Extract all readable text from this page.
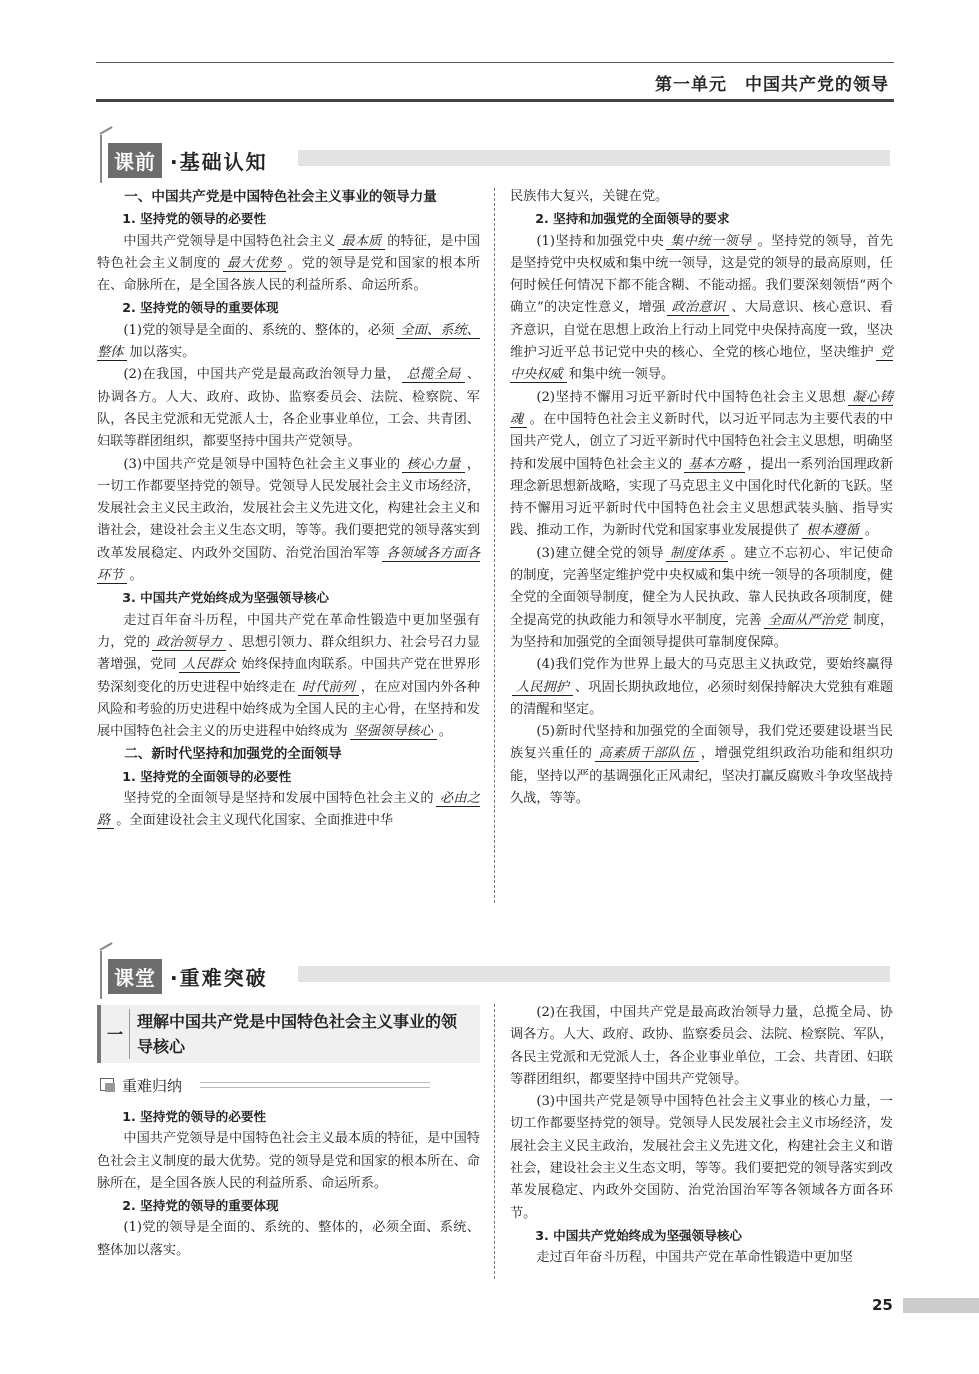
第一单元　中国共产党的领导
课前 ·基础认知

一、中国共产党是中国特色社会主义事业的领导力量

1. 坚持党的领导的必要性

中国共产党领导是中国特色社会主义 最本质 的特征，是中国特色社会主义制度的 最大优势 。党的领导是党和国家的根本所在、命脉所在，是全国各族人民的利益所系、命运所系。

2. 坚持党的领导的重要体现

(1)党的领导是全面的、系统的、整体的，必须 全面、系统、整体 加以落实。

(2)在我国，中国共产党是最高政治领导力量， 总揽全局 、协调各方。人大、政府、政协、监察委员会、法院、检察院、军队，各民主党派和无党派人士，各企业事业单位，工会、共青团、妇联等群团组织，都要坚持中国共产党领导。

(3)中国共产党是领导中国特色社会主义事业的 核心力量 ，一切工作都要坚持党的领导。党领导人民发展社会主义市场经济，发展社会主义民主政治，发展社会主义先进文化，构建社会主义和谐社会，建设社会主义生态文明，等等。我们要把党的领导落实到改革发展稳定、内政外交国防、治党治国治军等 各领域各方面各环节 。

3. 中国共产党始终成为坚强领导核心

走过百年奋斗历程，中国共产党在革命性锻造中更加坚强有力，党的 政治领导力 、思想引领力、群众组织力、社会号召力显著增强，党同 人民群众 始终保持血肉联系。中国共产党在世界形势深刻变化的历史进程中始终走在 时代前列 ，在应对国内外各种风险和考验的历史进程中始终成为全国人民的主心骨，在坚持和发展中国特色社会主义的历史进程中始终成为 坚强领导核心 。

二、新时代坚持和加强党的全面领导

1. 坚持党的全面领导的必要性

坚持党的全面领导是坚持和发展中国特色社会主义的 必由之路 。全面建设社会主义现代化国家、全面推进中华

民族伟大复兴，关键在党。

2. 坚持和加强党的全面领导的要求

(1)坚持和加强党中央 集中统一领导 。坚持党的领导，首先是坚持党中央权威和集中统一领导，这是党的领导的最高原则，任何时候任何情况下都不能含糊、不能动摇。我们要深刻领悟“两个确立”的决定性意义，增强 政治意识 、大局意识、核心意识、看齐意识，自觉在思想上政治上行动上同党中央保持高度一致，坚决维护习近平总书记党中央的核心、全党的核心地位，坚决维护 党中央权威 和集中统一领导。

(2)坚持不懈用习近平新时代中国特色社会主义思想 凝心铸魂 。在中国特色社会主义新时代，以习近平同志为主要代表的中国共产党人，创立了习近平新时代中国特色社会主义思想，明确坚持和发展中国特色社会主义的 基本方略 ，提出一系列治国理政新理念新思想新战略，实现了马克思主义中国化时代化新的飞跃。坚持不懈用习近平新时代中国特色社会主义思想武装头脑、指导实践、推动工作，为新时代党和国家事业发展提供了 根本遵循 。

(3)建立健全党的领导 制度体系 。建立不忘初心、牢记使命的制度，完善坚定维护党中央权威和集中统一领导的各项制度，健全党的全面领导制度，健全为人民执政、靠人民执政各项制度，健全提高党的执政能力和领导水平制度，完善 全面从严治党 制度，为坚持和加强党的全面领导提供可靠制度保障。

(4)我们党作为世界上最大的马克思主义执政党，要始终赢得人民拥护 、巩固长期执政地位，必须时刻保持解决大党独有难题的清醒和坚定。

(5)新时代坚持和加强党的全面领导，我们党还要建设堪当民族复兴重任的 高素质干部队伍 ，增强党组织政治功能和组织功能，坚持以严的基调强化正风肃纪，坚决打赢反腐败斗争攻坚战持久战，等等。

课堂 ·重难突破
一
理解中国共产党是中国特色社会主义事业的领导核心
重难归纳

1. 坚持党的领导的必要性

中国共产党领导是中国特色社会主义最本质的特征，是中国特色社会主义制度的最大优势。党的领导是党和国家的根本所在、命脉所在，是全国各族人民的利益所系、命运所系。

2. 坚持党的领导的重要体现

(1)党的领导是全面的、系统的、整体的，必须全面、系统、整体加以落实。

(2)在我国，中国共产党是最高政治领导力量，总揽全局、协调各方。人大、政府、政协、监察委员会、法院、检察院、军队，各民主党派和无党派人士，各企业事业单位，工会、共青团、妇联等群团组织，都要坚持中国共产党领导。

(3)中国共产党是领导中国特色社会主义事业的核心力量，一切工作都要坚持党的领导。党领导人民发展社会主义市场经济，发展社会主义民主政治，发展社会主义先进文化，构建社会主义和谐社会，建设社会主义生态文明，等等。我们要把党的领导落实到改革发展稳定、内政外交国防、治党治国治军等各领域各方面各环节。

3. 中国共产党始终成为坚强领导核心

走过百年奋斗历程，中国共产党在革命性锻造中更加坚

25
